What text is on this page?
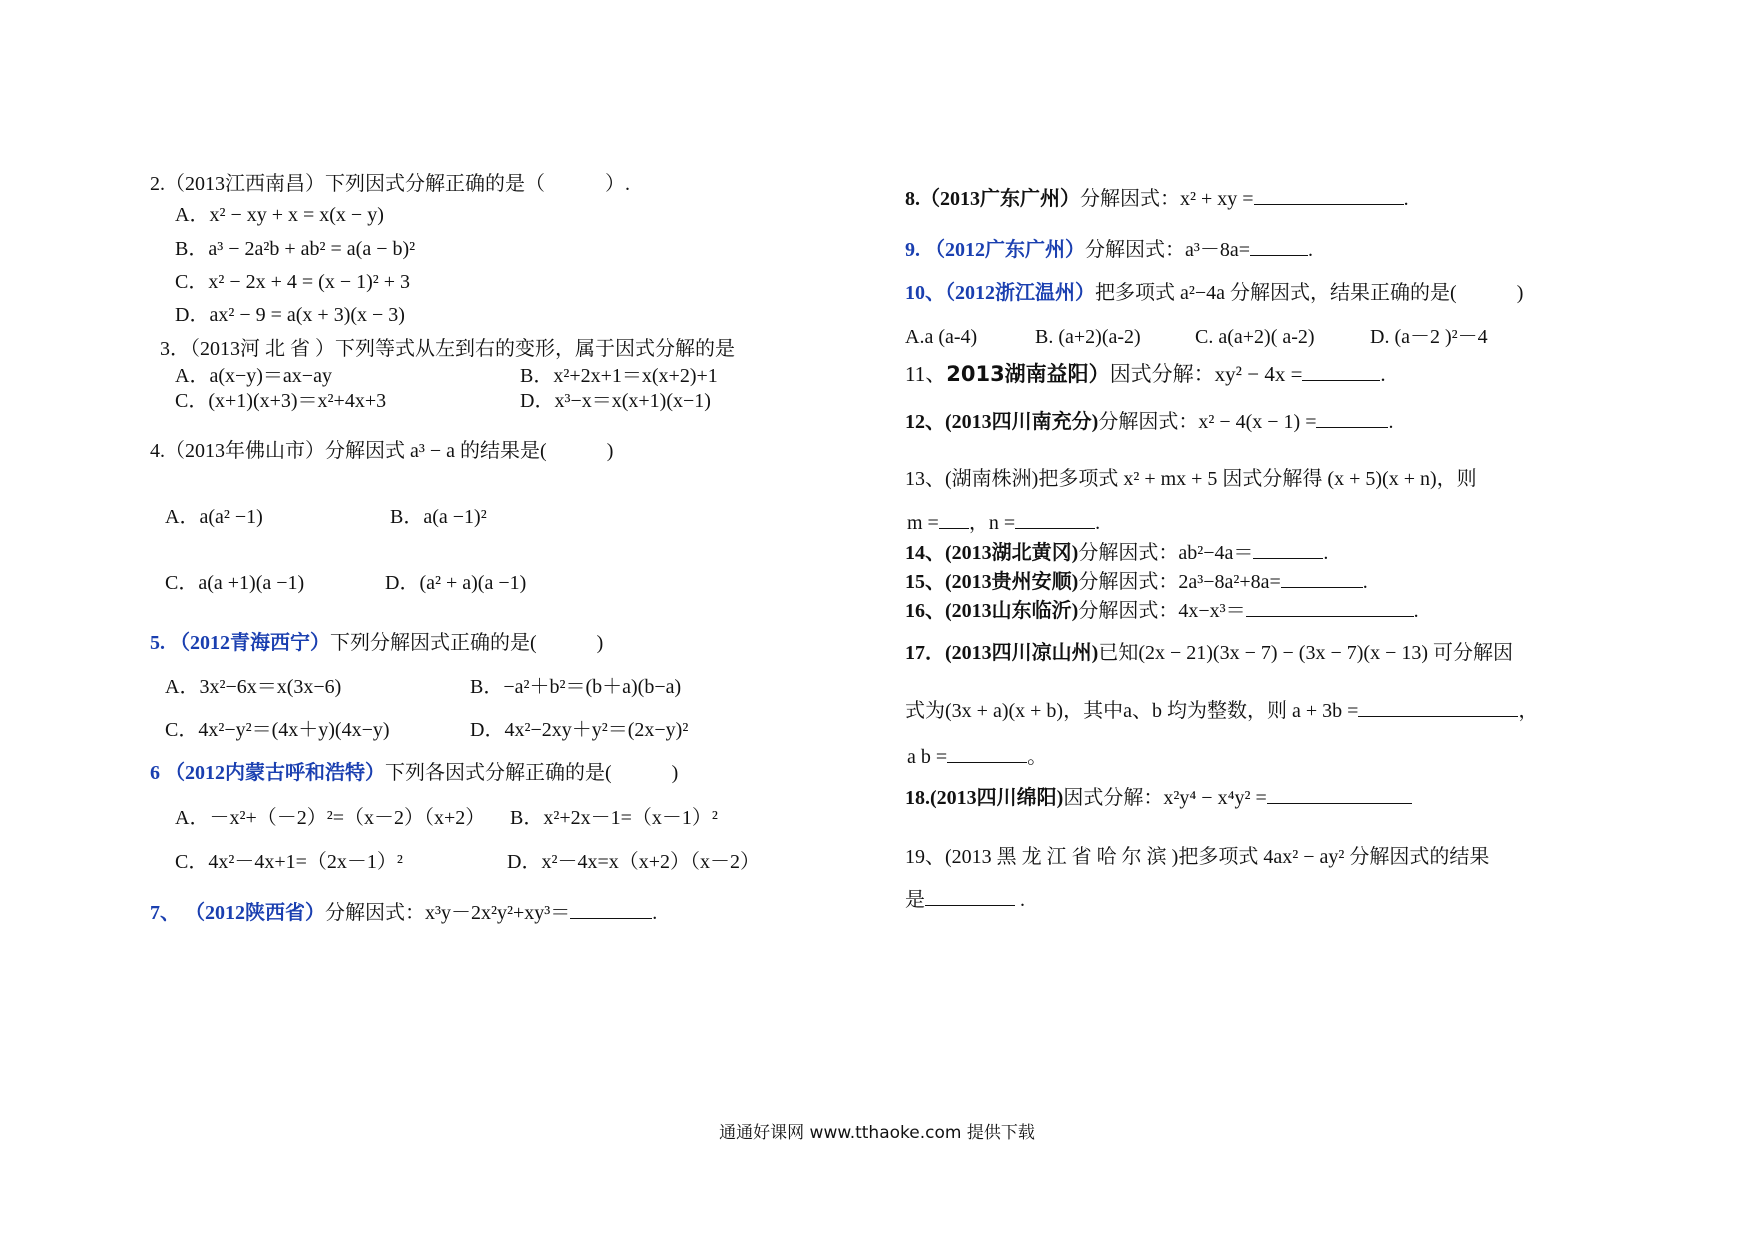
2.（2013江西南昌）下列因式分解正确的是（　　　）.
A．x² − xy + x = x(x − y)
B．a³ − 2a²b + ab² = a(a − b)²
C．x² − 2x + 4 = (x − 1)² + 3
D．ax² − 9 = a(x + 3)(x − 3)
3．（2013河 北 省 ）下列等式从左到右的变形，属于因式分解的是
A．a(x−y)＝ax−ay	B．x²+2x+1＝x(x+2)+1
C．(x+1)(x+3)＝x²+4x+3	D．x³−x＝x(x+1)(x−1)
4.（2013年佛山市）分解因式 a³ − a 的结果是(　　　)
A．a(a² −1)	B．a(a −1)²
C．a(a +1)(a −1)	D．(a² + a)(a −1)
5. （2012青海西宁）下列分解因式正确的是(　　　)
A．3x²−6x＝x(3x−6)	B．−a²＋b²＝(b＋a)(b−a)
C．4x²−y²＝(4x＋y)(4x−y)	D．4x²−2xy＋y²＝(2x−y)²
6 （2012内蒙古呼和浩特）下列各因式分解正确的是(　　　)
A．－x²+（－2）²=（x－2）（x+2） B．x²+2x－1=（x－1）²
C．4x²－4x+1=（2x－1）²	D．x²－4x=x（x+2）（x－2）
7、 （2012陕西省）分解因式：x³y－2x²y²+xy³＝	.
8.（2013广东广州）分解因式：x² + xy =	.
9. （2012广东广州）分解因式：a³－8a=	.
10、（2012浙江温州）把多项式 a²−4a 分解因式，结果正确的是(　　　)
A.a (a-4)	B. (a+2)(a-2)	C. a(a+2)( a-2)	D. (a－2 )²－4
11、2013湖南益阳）因式分解：xy² − 4x =	.
12、(2013四川南充分)分解因式：x² − 4(x − 1) =	.
13、(湖南株洲)把多项式 x² + mx + 5 因式分解得 (x + 5)(x + n)，则
m = ，n =	.
14、(2013湖北黄冈)分解因式：ab²−4a＝	.
15、(2013贵州安顺)分解因式：2a³−8a²+8a=	.
16、(2013山东临沂)分解因式：4x−x³＝	.
17．(2013四川凉山州)已知(2x − 21)(3x − 7) − (3x − 7)(x − 13) 可分解因
式为(3x + a)(x + b)，其中a、b 均为整数，则 a + 3b =	，
a b =	。
18.(2013四川绵阳)因式分解：x²y⁴ − x⁴y² =
19、(2013 黑 龙 江 省 哈 尔 滨 )把多项式 4ax² − ay² 分解因式的结果
是	.
通通好课网 www.tthaoke.com 提供下载
